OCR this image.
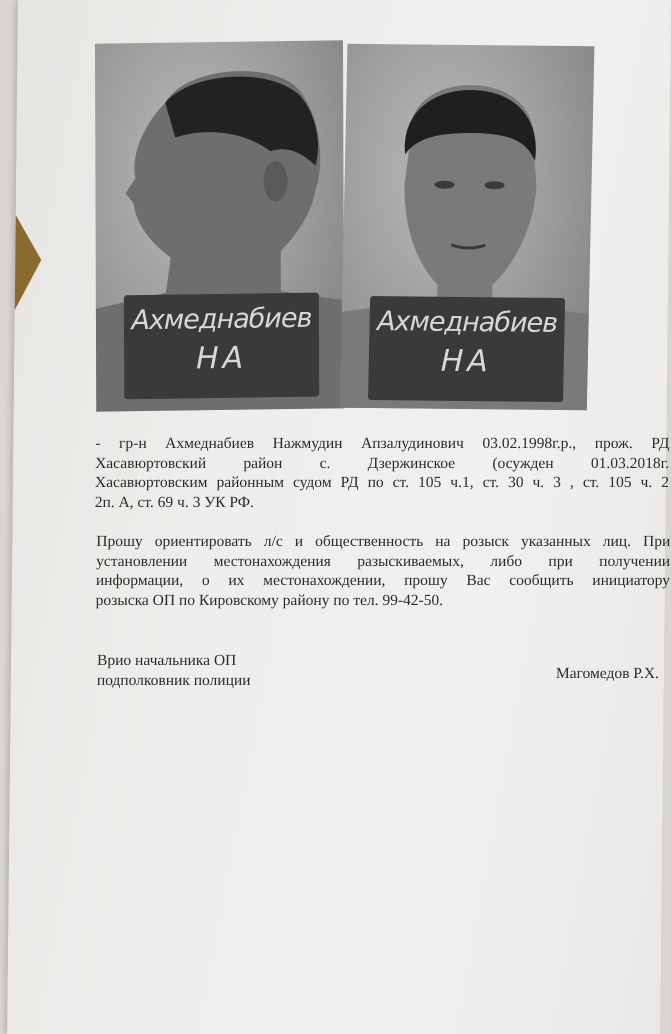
Ахмеднабиев
НА
Ахмеднабиев
НА
- гр-н Ахмеднабиев Нажмудин Апзалудинович 03.02.1998г.р., прож. РД
Хасавюртовский район с. Дзержинское (осужден 01.03.2018г.
Хасавюртовским районным судом РД по ст. 105 ч.1, ст. 30 ч. 3 , ст. 105 ч. 2
2п. А, ст. 69 ч. 3 УК РФ.
Прошу ориентировать л/с и общественность на розыск указанных лиц. При
установлении местонахождения разыскиваемых, либо при получении
информации, о их местонахождении, прошу Вас сообщить инициатору
розыска ОП по Кировскому району по тел. 99-42-50.
Врио начальника ОП
подполковник полиции	Магомедов Р.Х.
